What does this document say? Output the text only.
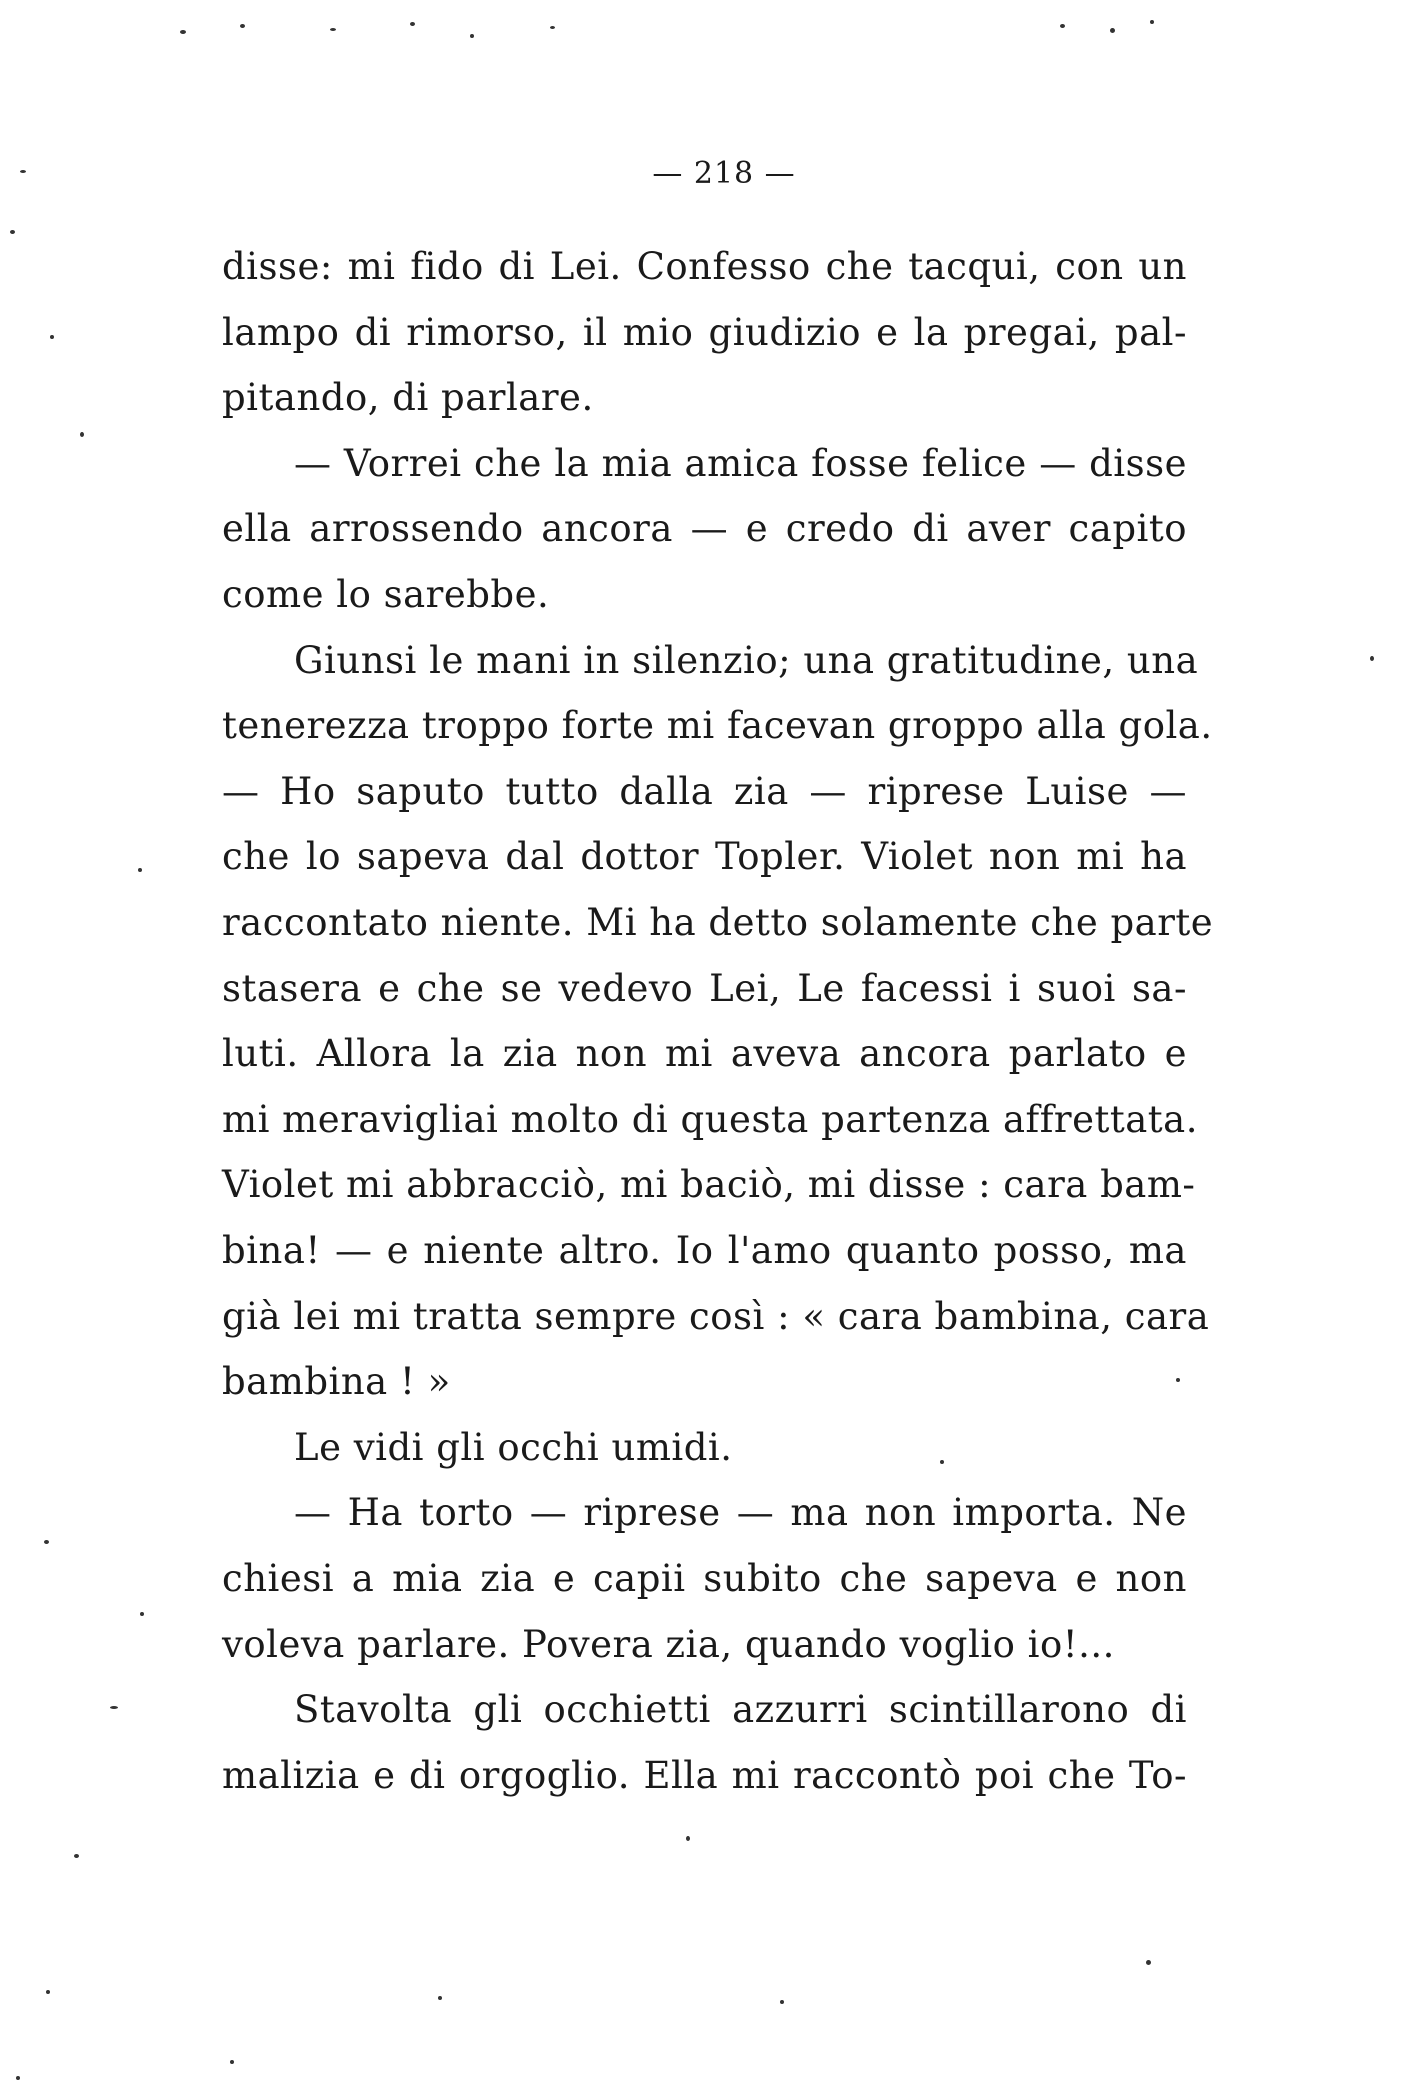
— 218 —
disse: mi fido di Lei. Confesso che tacqui, con un
lampo di rimorso, il mio giudizio e la pregai, pal-
pitando, di parlare.
— Vorrei che la mia amica fosse felice — disse
ella arrossendo ancora — e credo di aver capito
come lo sarebbe.
Giunsi le mani in silenzio; una gratitudine, una
tenerezza troppo forte mi facevan groppo alla gola.
— Ho saputo tutto dalla zia — riprese Luise —
che lo sapeva dal dottor Topler. Violet non mi ha
raccontato niente. Mi ha detto solamente che parte
stasera e che se vedevo Lei, Le facessi i suoi sa-
luti. Allora la zia non mi aveva ancora parlato e
mi meravigliai molto di questa partenza affrettata.
Violet mi abbracciò, mi baciò, mi disse : cara bam-
bina! — e niente altro. Io l'amo quanto posso, ma
già lei mi tratta sempre così : « cara bambina, cara
bambina ! »
Le vidi gli occhi umidi.
— Ha torto — riprese — ma non importa. Ne
chiesi a mia zia e capii subito che sapeva e non
voleva parlare. Povera zia, quando voglio io!...
Stavolta gli occhietti azzurri scintillarono di
malizia e di orgoglio. Ella mi raccontò poi che To-
